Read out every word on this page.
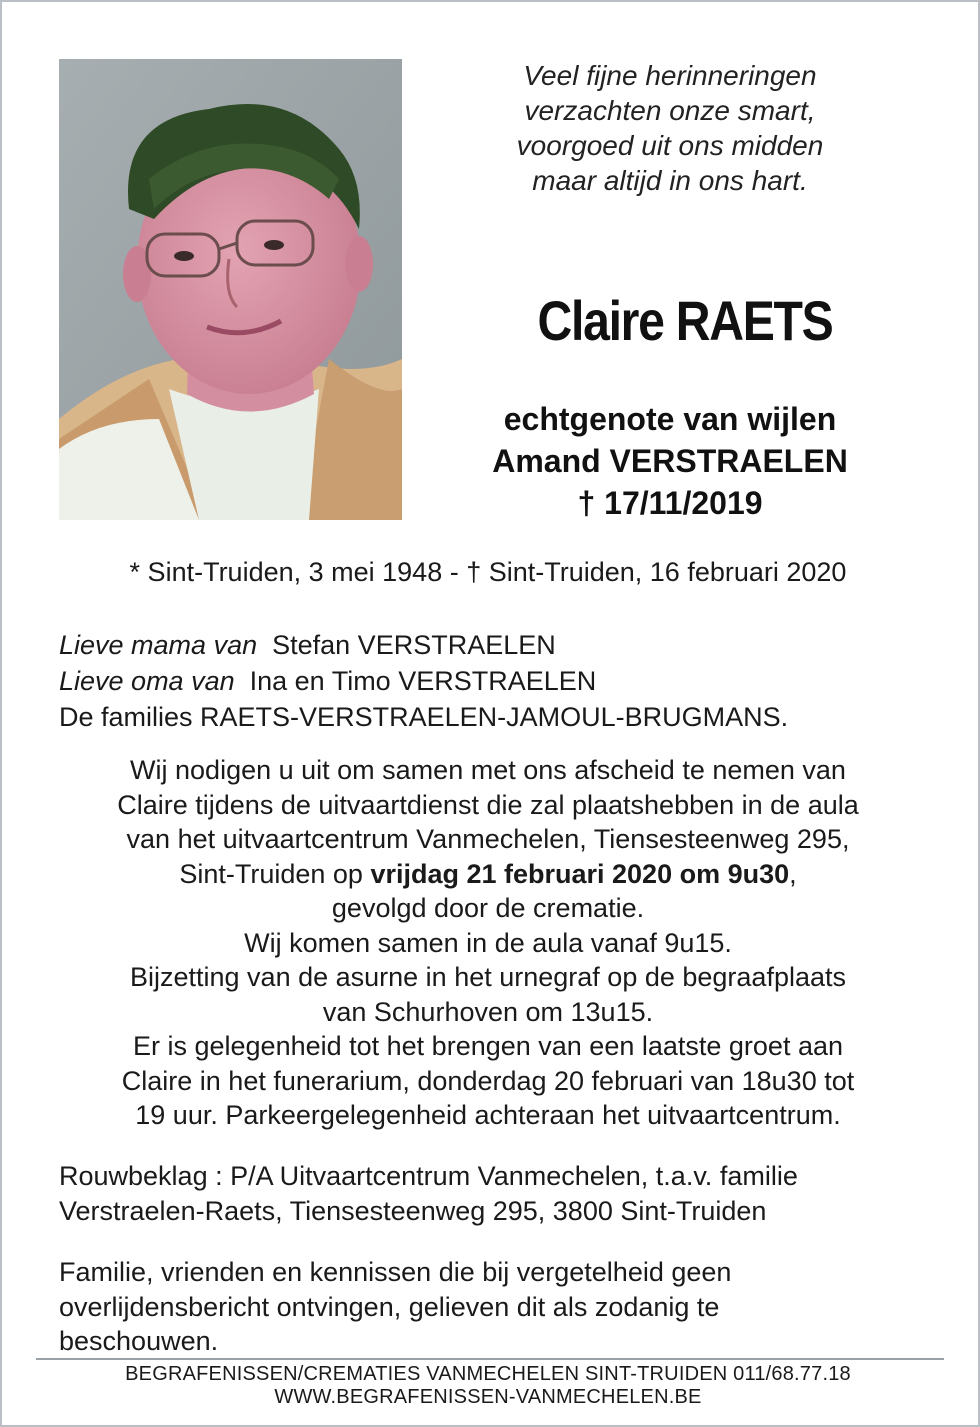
Veel fijne herinneringen
verzachten onze smart,
voorgoed uit ons midden
maar altijd in ons hart.
Claire RAETS
echtgenote van wijlen
Amand VERSTRAELEN
† 17/11/2019
* Sint-Truiden, 3 mei 1948 - † Sint-Truiden, 16 februari 2020
Lieve mama van Stefan VERSTRAELEN
Lieve oma van Ina en Timo VERSTRAELEN
De families RAETS-VERSTRAELEN-JAMOUL-BRUGMANS.
Wij nodigen u uit om samen met ons afscheid te nemen van
Claire tijdens de uitvaartdienst die zal plaatshebben in de aula
van het uitvaartcentrum Vanmechelen, Tiensesteenweg 295,
Sint-Truiden op vrijdag 21 februari 2020 om 9u30,
gevolgd door de crematie.
Wij komen samen in de aula vanaf 9u15.
Bijzetting van de asurne in het urnegraf op de begraafplaats
van Schurhoven om 13u15.
Er is gelegenheid tot het brengen van een laatste groet aan
Claire in het funerarium, donderdag 20 februari van 18u30 tot
19 uur. Parkeergelegenheid achteraan het uitvaartcentrum.
Rouwbeklag : P/A Uitvaartcentrum Vanmechelen, t.a.v. familie
Verstraelen-Raets, Tiensesteenweg 295, 3800 Sint-Truiden
Familie, vrienden en kennissen die bij vergetelheid geen
overlijdensbericht ontvingen, gelieven dit als zodanig te
beschouwen.
BEGRAFENISSEN/CREMATIES VANMECHELEN SINT-TRUIDEN 011/68.77.18
WWW.BEGRAFENISSEN-VANMECHELEN.BE
